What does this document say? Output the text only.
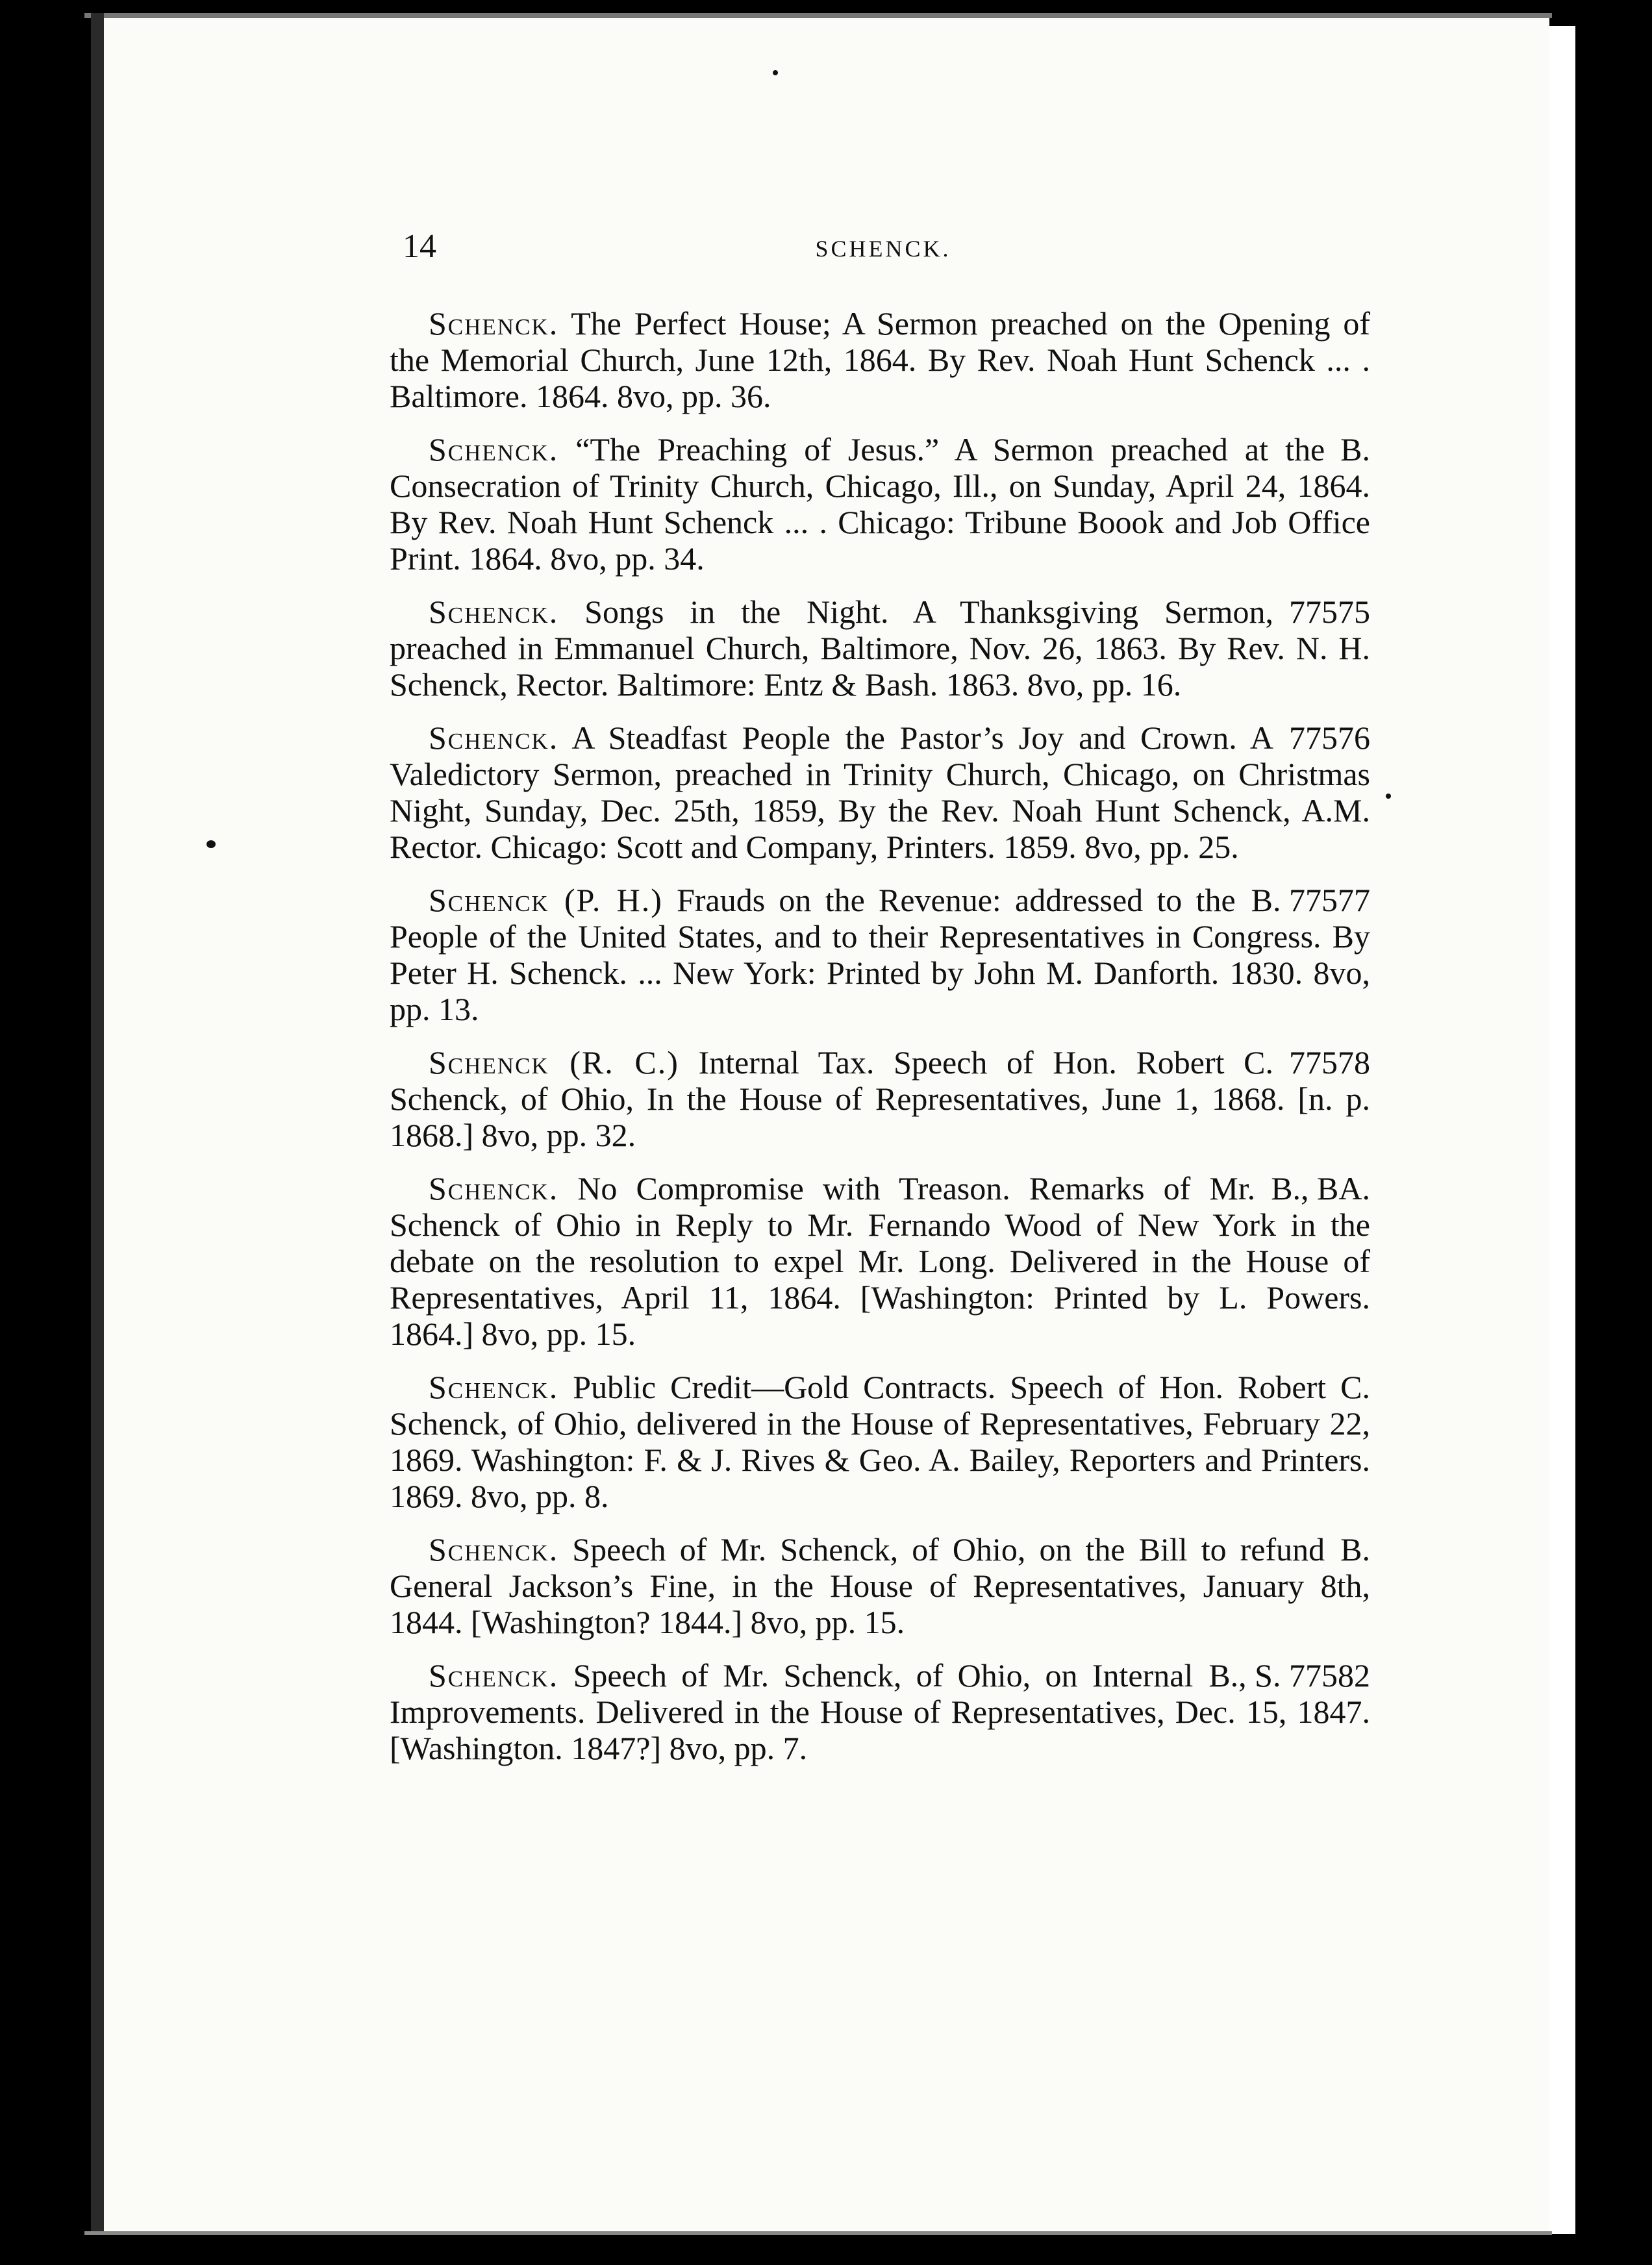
14	SCHENCK.
Schenck. The Perfect House; A Sermon preached on the Opening of the Memorial Church, June 12th, 1864. By Rev. Noah Hunt Schenck ... . Baltimore. 1864. 8vo, pp. 36.
B.
Schenck. “The Preaching of Jesus.” A Sermon preached at the Consecration of Trinity Church, Chicago, Ill., on Sunday, April 24, 1864. By Rev. Noah Hunt Schenck ... . Chicago: Tribune Boook and Job Office Print. 1864. 8vo, pp. 34.
77575
Schenck. Songs in the Night. A Thanksgiving Sermon, preached in Emmanuel Church, Baltimore, Nov. 26, 1863. By Rev. N. H. Schenck, Rector. Baltimore: Entz & Bash. 1863. 8vo, pp. 16.
77576
Schenck. A Steadfast People the Pastor’s Joy and Crown. A Valedictory Sermon, preached in Trinity Church, Chicago, on Christmas Night, Sunday, Dec. 25th, 1859, By the Rev. Noah Hunt Schenck, A.M. Rector. Chicago: Scott and Company, Printers. 1859. 8vo, pp. 25.
B. 77577
Schenck (P. H.) Frauds on the Revenue: addressed to the People of the United States, and to their Representatives in Congress. By Peter H. Schenck. ... New York: Printed by John M. Danforth. 1830. 8vo, pp. 13.
77578
Schenck (R. C.) Internal Tax. Speech of Hon. Robert C. Schenck, of Ohio, In the House of Representatives, June 1, 1868. [n. p. 1868.] 8vo, pp. 32.
B., BA.
Schenck. No Compromise with Treason. Remarks of Mr. Schenck of Ohio in Reply to Mr. Fernando Wood of New York in the debate on the resolution to expel Mr. Long. Delivered in the House of Representatives, April 11, 1864. [Washington: Printed by L. Powers. 1864.] 8vo, pp. 15.
Schenck. Public Credit—Gold Contracts. Speech of Hon. Robert C. Schenck, of Ohio, delivered in the House of Representatives, February 22, 1869. Washington: F. & J. Rives & Geo. A. Bailey, Reporters and Printers. 1869. 8vo, pp. 8.
B.
Schenck. Speech of Mr. Schenck, of Ohio, on the Bill to refund General Jackson’s Fine, in the House of Representatives, January 8th, 1844. [Washington? 1844.] 8vo, pp. 15.
B., S. 77582
Schenck. Speech of Mr. Schenck, of Ohio, on Internal Improvements. Delivered in the House of Representatives, Dec. 15, 1847. [Washington. 1847?] 8vo, pp. 7.
